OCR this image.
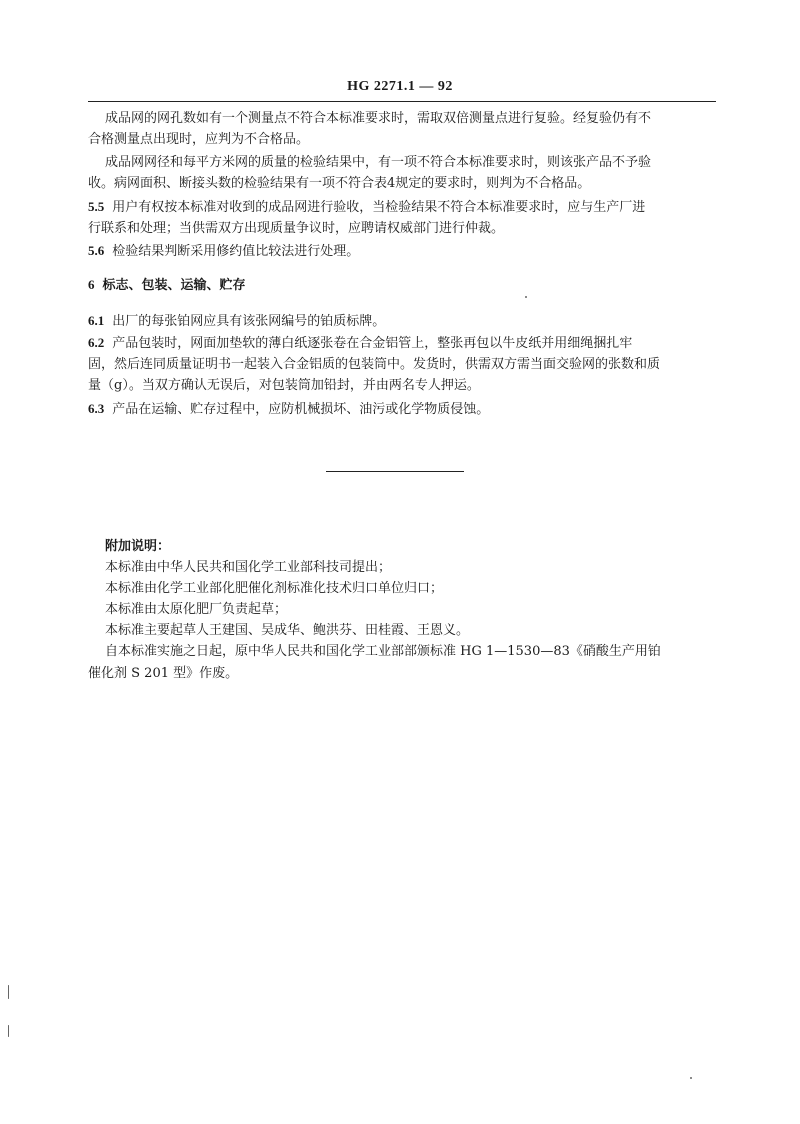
HG 2271.1 — 92

成品网的网孔数如有一个测量点不符合本标准要求时，需取双倍测量点进行复验。经复验仍有不
合格测量点出现时，应判为不合格品。

成品网网径和每平方米网的质量的检验结果中，有一项不符合本标准要求时，则该张产品不予验
收。病网面积、断接头数的检验结果有一项不符合表4规定的要求时，则判为不合格品。

5.5 用户有权按本标准对收到的成品网进行验收，当检验结果不符合本标准要求时，应与生产厂进
行联系和处理；当供需双方出现质量争议时，应聘请权威部门进行仲裁。

5.6 检验结果判断采用修约值比较法进行处理。

6 标志、包装、运输、贮存

6.1 出厂的每张铂网应具有该张网编号的铂质标牌。

6.2 产品包装时，网面加垫软的薄白纸逐张卷在合金铝管上，整张再包以牛皮纸并用细绳捆扎牢
固，然后连同质量证明书一起装入合金铝质的包装筒中。发货时，供需双方需当面交验网的张数和质
量（g）。当双方确认无误后，对包装筒加铅封，并由两名专人押运。

6.3 产品在运输、贮存过程中，应防机械损坏、油污或化学物质侵蚀。

附加说明：
本标准由中华人民共和国化学工业部科技司提出；
本标准由化学工业部化肥催化剂标准化技术归口单位归口；
本标准由太原化肥厂负责起草；
本标准主要起草人王建国、吴成华、鲍洪芬、田桂霞、王恩义。
自本标准实施之日起，原中华人民共和国化学工业部部颁标准 HG 1—1530—83《硝酸生产用铂
催化剂 S 201 型》作废。
